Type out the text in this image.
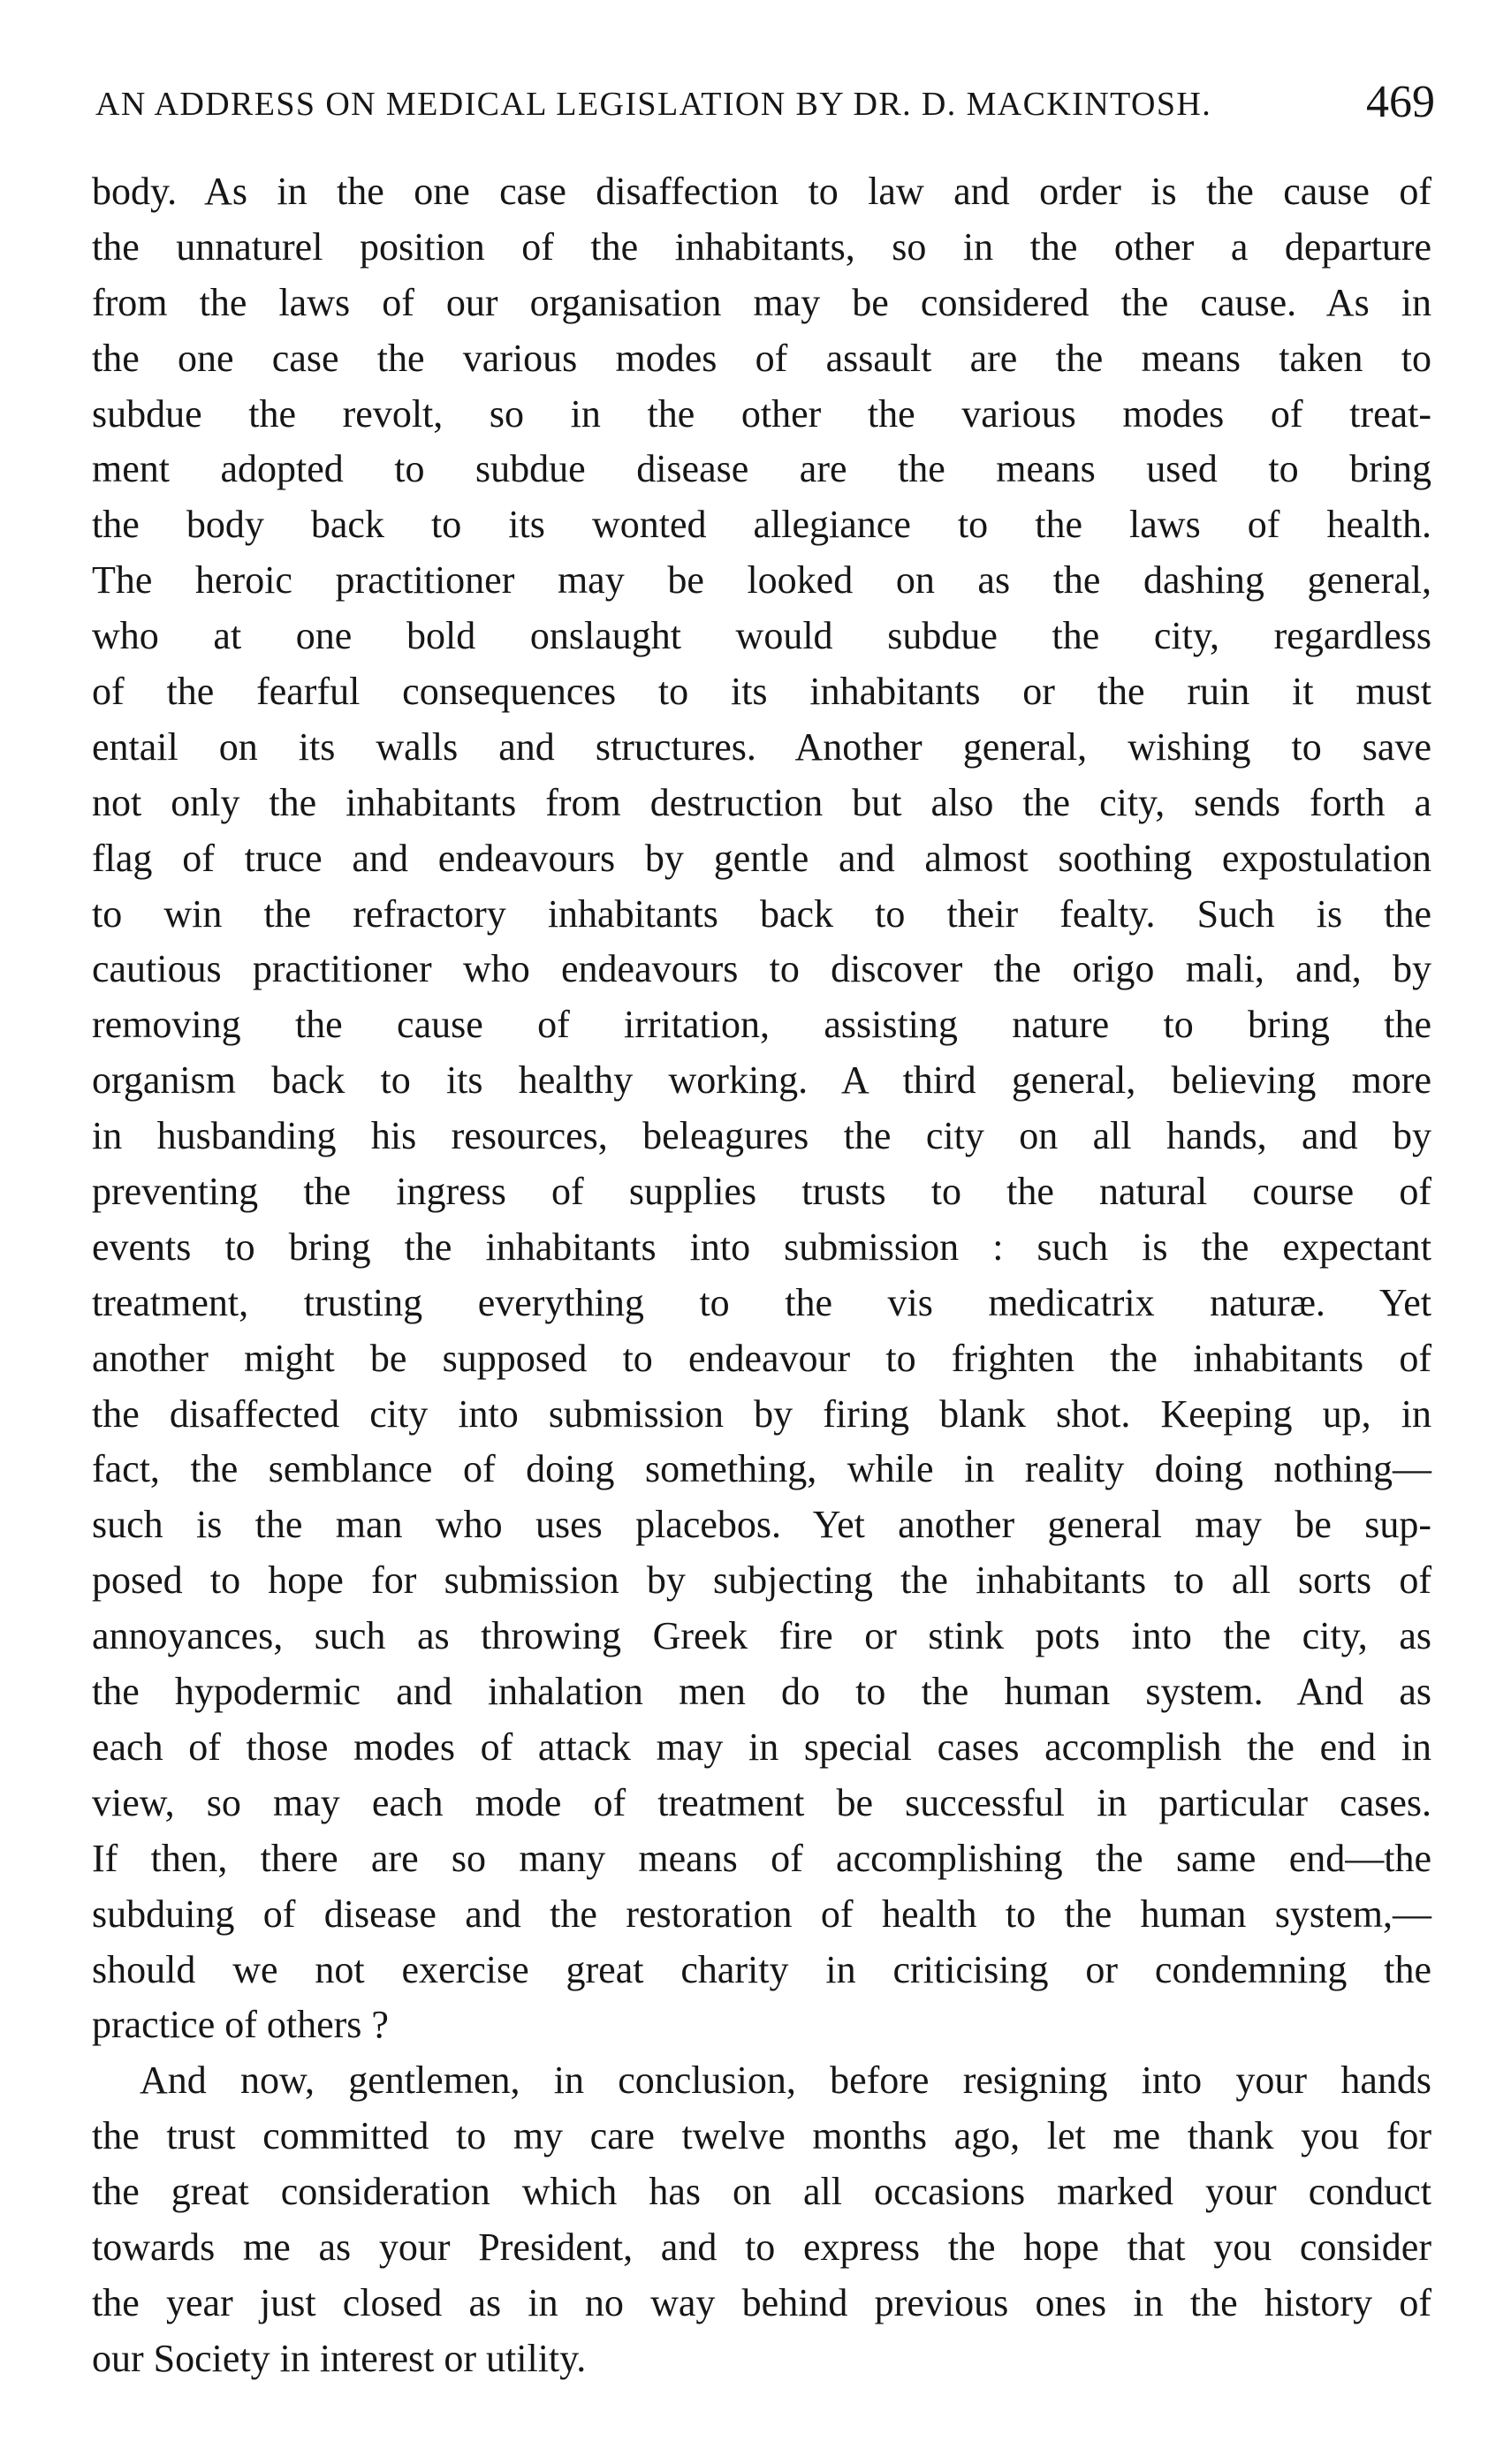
AN ADDRESS ON MEDICAL LEGISLATION BY DR. D. MACKINTOSH.	469
body. As in the one case disaffection to law and order is the cause of
the unnaturel position of the inhabitants, so in the other a departure
from the laws of our organisation may be considered the cause. As in
the one case the various modes of assault are the means taken to
subdue the revolt, so in the other the various modes of treat-
ment adopted to subdue disease are the means used to bring
the body back to its wonted allegiance to the laws of health.
The heroic practitioner may be looked on as the dashing general,
who at one bold onslaught would subdue the city, regardless
of the fearful consequences to its inhabitants or the ruin it must
entail on its walls and structures. Another general, wishing to save
not only the inhabitants from destruction but also the city, sends forth a
flag of truce and endeavours by gentle and almost soothing expostulation
to win the refractory inhabitants back to their fealty. Such is the
cautious practitioner who endeavours to discover the origo mali, and, by
removing the cause of irritation, assisting nature to bring the
organism back to its healthy working. A third general, believing more
in husbanding his resources, beleagures the city on all hands, and by
preventing the ingress of supplies trusts to the natural course of
events to bring the inhabitants into submission : such is the expectant
treatment, trusting everything to the vis medicatrix naturæ. Yet
another might be supposed to endeavour to frighten the inhabitants of
the disaffected city into submission by firing blank shot. Keeping up, in
fact, the semblance of doing something, while in reality doing nothing—
such is the man who uses placebos. Yet another general may be sup-
posed to hope for submission by subjecting the inhabitants to all sorts of
annoyances, such as throwing Greek fire or stink pots into the city, as
the hypodermic and inhalation men do to the human system. And as
each of those modes of attack may in special cases accomplish the end in
view, so may each mode of treatment be successful in particular cases.
If then, there are so many means of accomplishing the same end—the
subduing of disease and the restoration of health to the human system,—
should we not exercise great charity in criticising or condemning the
practice of others ?
And now, gentlemen, in conclusion, before resigning into your hands
the trust committed to my care twelve months ago, let me thank you for
the great consideration which has on all occasions marked your conduct
towards me as your President, and to express the hope that you consider
the year just closed as in no way behind previous ones in the history of
our Society in interest or utility.
